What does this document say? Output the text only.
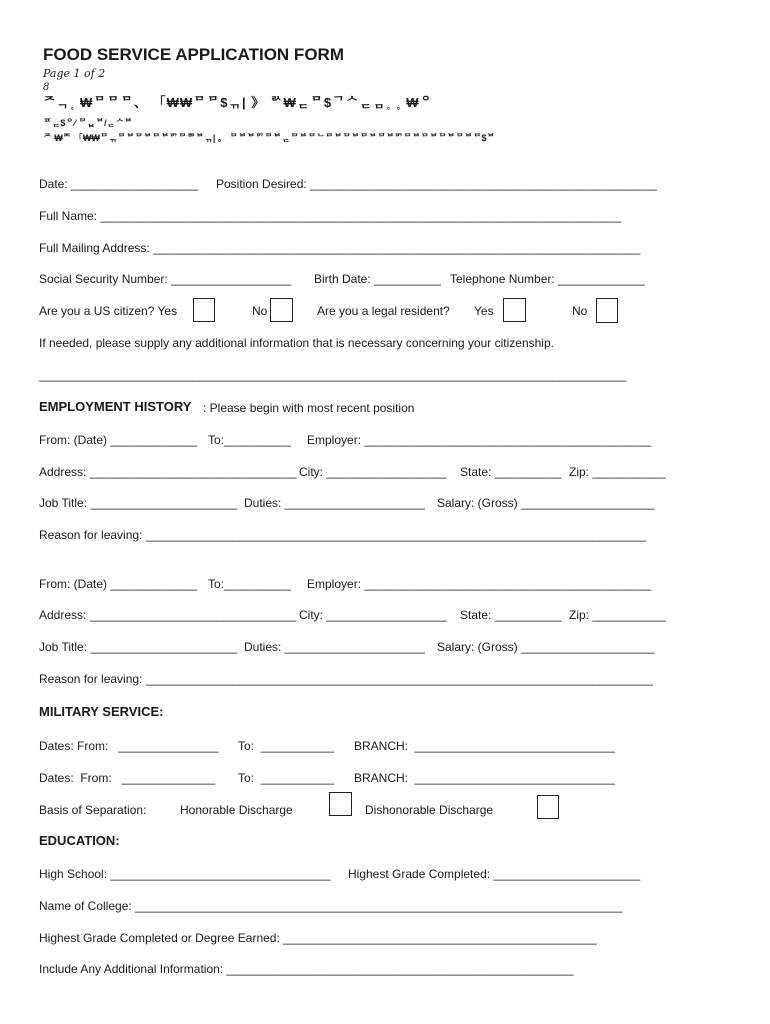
FOOD SERVICE APPLICATION FORM
Page 1 of 2
8
ᄌᆨ˳ ₩ᄆᄆᄆ、 「₩₩ᄆᄆ$ᆩ| 》 ᄅᄉ₩ᆮᄆ$ᄀᄉᆮᆷ˳ ˳ ₩ᄋ
ᄑᆮ$ᄋ⁄ ᄆᆸᄇ/ᆮᄉᄇ
ᄌ ₩ᄆᄃ 「₩₩ᄆᆩᄆᄇᄆᄇᄆᄇᄆᄀᄆᄅᄆᄇᆩ| 。 ᄆᄇᄇᄆᄀᄆᄇᆮᄆᄇᄆᄂᄆᄇᄆᄇᄆᄇᄆᄇᄆᄀᄆᄇᄆᄇᄆᄇᄆᄇᄆ$ᄇ
Date: ___________________ Position Desired: ____________________________________________________
Full Name: ______________________________________________________________________________
Full Mailing Address: _________________________________________________________________________
Social Security Number: __________________ Birth Date: __________ Telephone Number: _____________
Are you a US citizen? Yes	No	Are you a legal resident? Yes	No
If needed, please supply any additional information that is necessary concerning your citizenship.
________________________________________________________________________________________
EMPLOYMENT HISTORY : Please begin with most recent position
From: (Date) _____________ To:__________ Employer: ___________________________________________
Address: _______________________________ City: __________________ State: __________ Zip: ___________
Job Title: ______________________ Duties: _____________________ Salary: (Gross) ____________________
Reason for leaving: ___________________________________________________________________________
From: (Date) _____________ To:__________ Employer: ___________________________________________
Address: _______________________________ City: __________________ State: __________ Zip: ___________
Job Title: ______________________ Duties: _____________________ Salary: (Gross) ____________________
Reason for leaving: ____________________________________________________________________________
MILITARY SERVICE:
Dates: From:   _______________ To:  ___________ BRANCH:  ______________________________
Dates:  From:   ______________ To:  ___________ BRANCH:  ______________________________
Basis of Separation:	Honorable Discharge	Dishonorable Discharge
EDUCATION:
High School: _________________________________ Highest Grade Completed: ______________________
Name of College: _________________________________________________________________________
Highest Grade Completed or Degree Earned: _______________________________________________
Include Any Additional Information: ____________________________________________________
